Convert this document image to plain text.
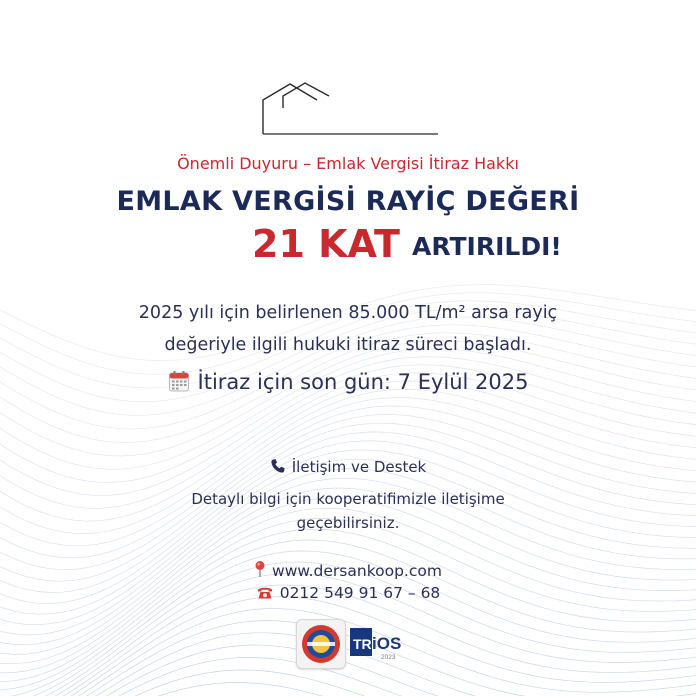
Önemli Duyuru – Emlak Vergisi İtiraz Hakkı
EMLAK VERGİSİ RAYİÇ DEĞERİ
21 KAT ARTIRILDI!
2025 yılı için belirlenen 85.000 TL/m² arsa rayiç
değeriyle ilgili hukuki itiraz süreci başladı.
İtiraz için son gün: 7 Eylül 2025
İletişim ve Destek
Detaylı bilgi için kooperatifimizle iletişime
geçebilirsiniz.
www.dersankoop.com
0212 549 91 67 – 68
TR iOS
2023
